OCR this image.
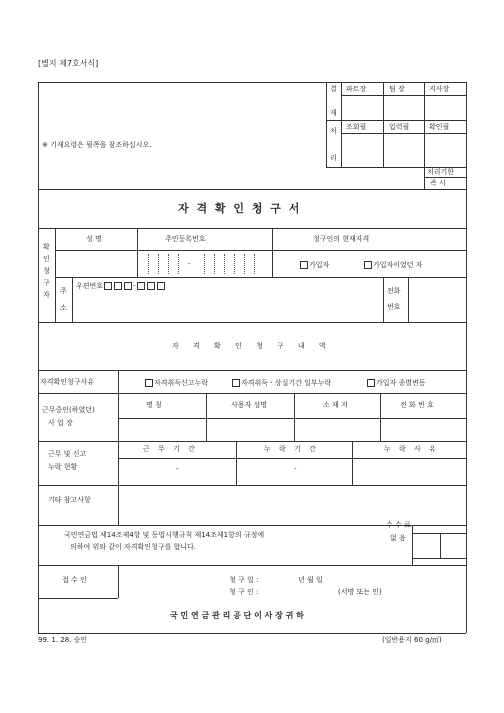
[별지 제7호서식]
※ 기재요령은 뒷쪽을 참조하십시오.
결
재
처
리
파트장	팀 장	지사장
조회필	입력필	확인필
처리기한
즉 시
자 격 확 인 청 구 서
확
인
청
구
자
성 명	주민등록번호	청구인의 현재자격
-	가입자	가입자이었던 자
주
소
우편번호	-
전화
번호
자 격 확 인 청 구 내 역
자격확인청구사유	자격취득신고누락	자격취득ㆍ상실기간 일부누락	가입자 종별변동
근무중인(하였던)
사 업 장
명 칭	사용자 성명	소 재 지	전 화 번 호
근무 및 신고
누락 현황
근 무 기 간	누 락 기 간	누 락 사 유
-	-
기타 참고사항
국민연금법 제14조제4항 및 동법시행규칙 제14조제1항의 규정에
의하여 위와 같이 자격확인청구를 합니다.
수 수 료
없 음
접 수 인	청 구 일 :	년 월 일
청 구 인 :	(서명 또는 인)
국 민 연 금 관 리 공 단 이 사 장 귀 하
99. 1. 28. 승인	(일반용지 60 g/㎡)
